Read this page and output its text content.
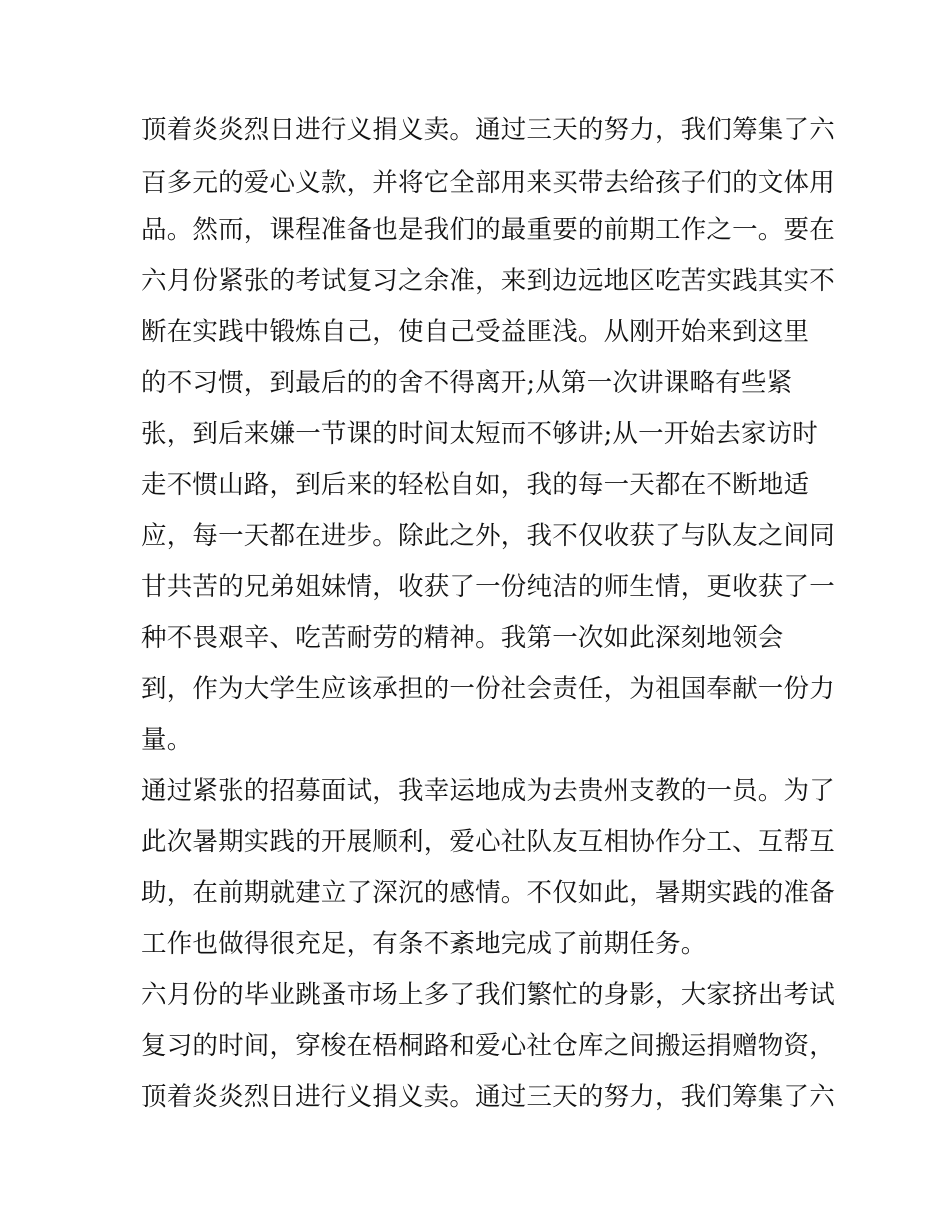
顶着炎炎烈日进行义捐义卖。通过三天的努力，我们筹集了六
百多元的爱心义款，并将它全部用来买带去给孩子们的文体用
品。然而，课程准备也是我们的最重要的前期工作之一。要在
六月份紧张的考试复习之余准，来到边远地区吃苦实践其实不
断在实践中锻炼自己，使自己受益匪浅。从刚开始来到这里
的不习惯，到最后的的舍不得离开;从第一次讲课略有些紧
张，到后来嫌一节课的时间太短而不够讲;从一开始去家访时
走不惯山路，到后来的轻松自如，我的每一天都在不断地适
应，每一天都在进步。除此之外，我不仅收获了与队友之间同
甘共苦的兄弟姐妹情，收获了一份纯洁的师生情，更收获了一
种不畏艰辛、吃苦耐劳的精神。我第一次如此深刻地领会
到，作为大学生应该承担的一份社会责任，为祖国奉献一份力
量。
通过紧张的招募面试，我幸运地成为去贵州支教的一员。为了
此次暑期实践的开展顺利，爱心社队友互相协作分工、互帮互
助，在前期就建立了深沉的感情。不仅如此，暑期实践的准备
工作也做得很充足，有条不紊地完成了前期任务。
六月份的毕业跳蚤市场上多了我们繁忙的身影，大家挤出考试
复习的时间，穿梭在梧桐路和爱心社仓库之间搬运捐赠物资，
顶着炎炎烈日进行义捐义卖。通过三天的努力，我们筹集了六
